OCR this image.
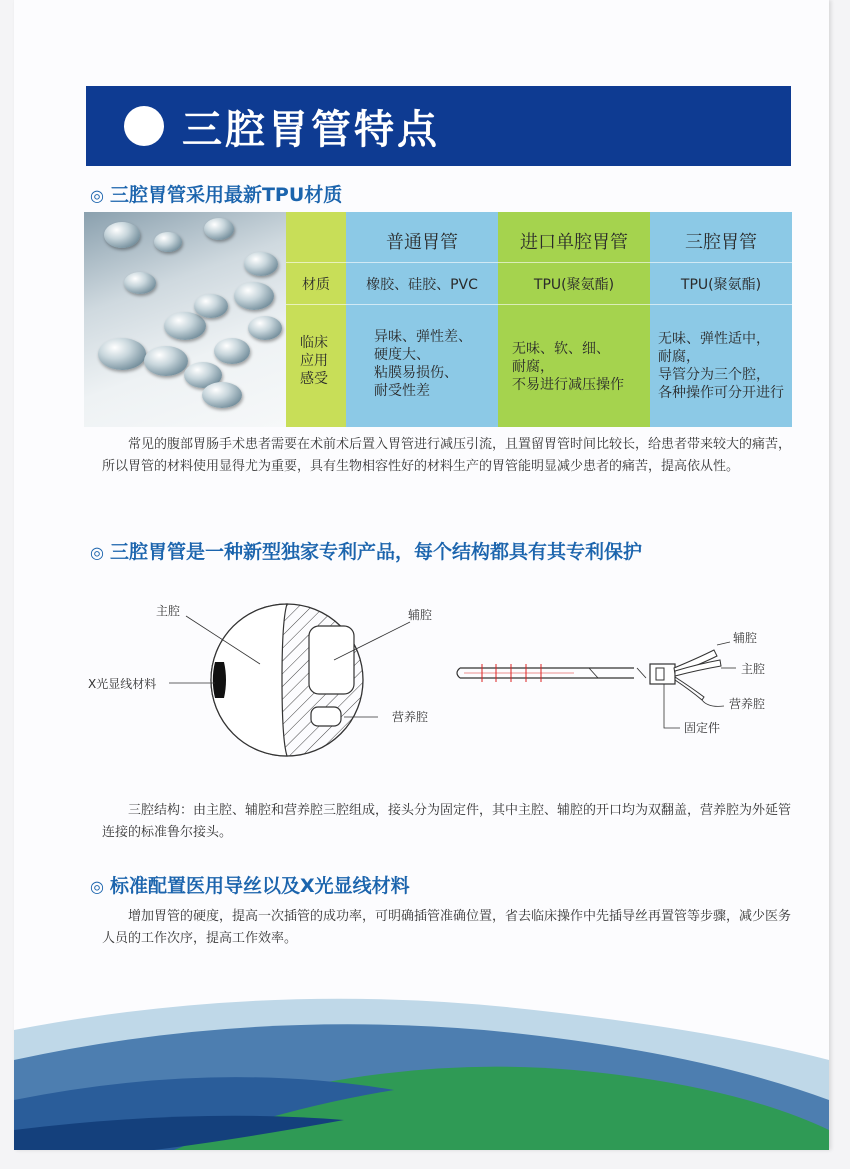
三腔胃管特点
◎ 三腔胃管采用最新TPU材质
材质
临床
应用
感受
普通胃管
橡胶、硅胶、PVC
异味、弹性差、
硬度大、
粘膜易损伤、
耐受性差
进口单腔胃管
TPU(聚氨酯)
无味、软、细、
耐腐，
不易进行减压操作
三腔胃管
TPU(聚氨酯)
无味、弹性适中，
耐腐，
导管分为三个腔，
各种操作可分开进行
常见的腹部胃肠手术患者需要在术前术后置入胃管进行减压引流，且置留胃管时间比较长，给患者带来较大的痛苦，所以胃管的材料使用显得尤为重要，具有生物相容性好的材料生产的胃管能明显减少患者的痛苦，提高依从性。
◎ 三腔胃管是一种新型独家专利产品，每个结构都具有其专利保护
主腔	辅腔
X光显线材料
营养腔
辅腔
主腔
营养腔
固定件
三腔结构：由主腔、辅腔和营养腔三腔组成，接头分为固定件，其中主腔、辅腔的开口均为双翻盖，营养腔为外延管连接的标准鲁尔接头。
◎ 标准配置医用导丝以及X光显线材料
增加胃管的硬度，提高一次插管的成功率，可明确插管准确位置，省去临床操作中先插导丝再置管等步骤，减少医务人员的工作次序，提高工作效率。
